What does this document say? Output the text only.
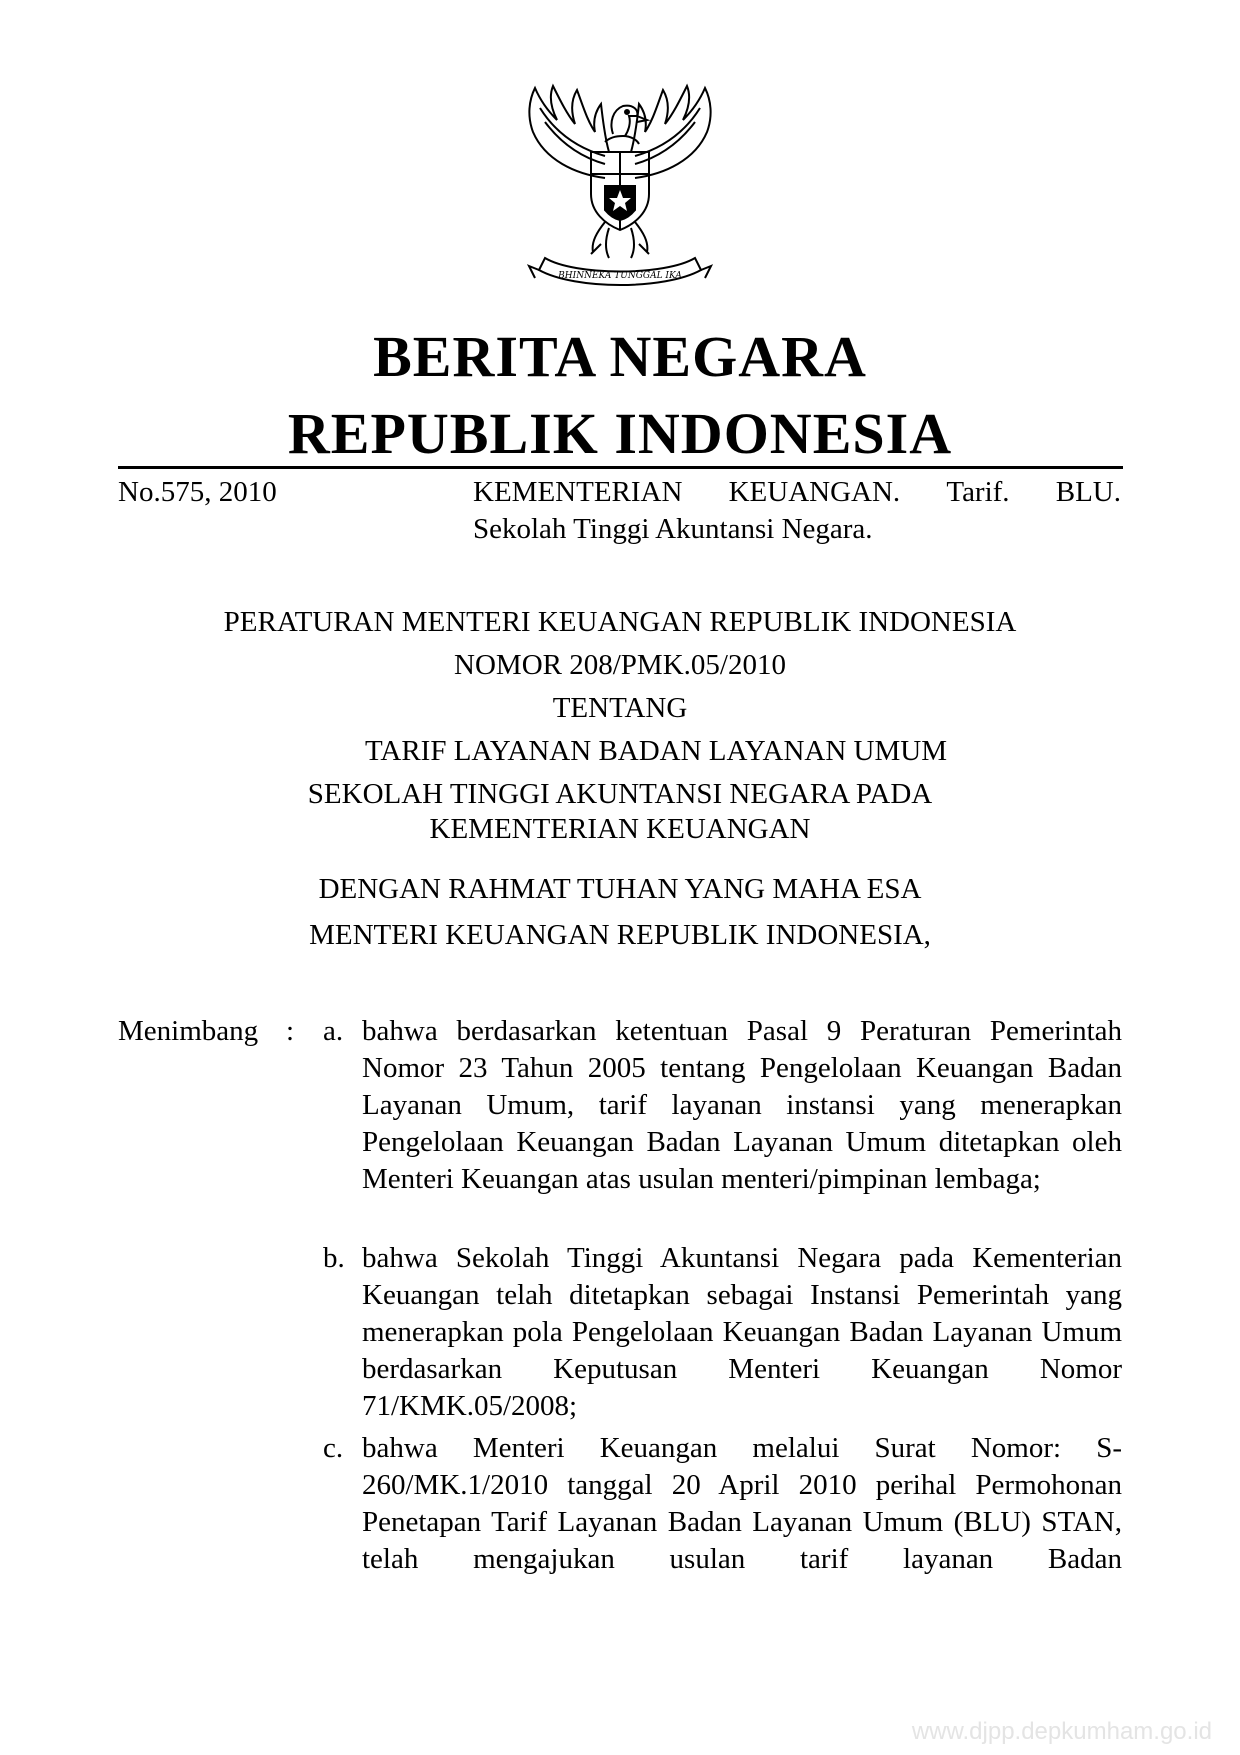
BHINNEKA TUNGGAL IKA
BERITA NEGARA
REPUBLIK INDONESIA
No.575, 2010	KEMENTERIAN KEUANGAN. Tarif. BLU.
Sekolah Tinggi Akuntansi Negara.
PERATURAN MENTERI KEUANGAN REPUBLIK INDONESIA
NOMOR 208/PMK.05/2010
TENTANG
TARIF LAYANAN BADAN LAYANAN UMUM
SEKOLAH TINGGI AKUNTANSI NEGARA PADA
KEMENTERIAN KEUANGAN
DENGAN RAHMAT TUHAN YANG MAHA ESA
MENTERI KEUANGAN REPUBLIK INDONESIA,
Menimbang : a. bahwa berdasarkan ketentuan Pasal 9 Peraturan Pemerintah Nomor 23 Tahun 2005 tentang Pengelolaan Keuangan Badan Layanan Umum, tarif layanan instansi yang menerapkan Pengelolaan Keuangan Badan Layanan Umum ditetapkan oleh Menteri Keuangan atas usulan menteri/pimpinan lembaga;
b. bahwa Sekolah Tinggi Akuntansi Negara pada Kementerian Keuangan telah ditetapkan sebagai Instansi Pemerintah yang menerapkan pola Pengelolaan Keuangan Badan Layanan Umum berdasarkan Keputusan Menteri Keuangan Nomor 71/KMK.05/2008;
c. bahwa Menteri Keuangan melalui Surat Nomor: S-260/MK.1/2010 tanggal 20 April 2010 perihal Permohonan Penetapan Tarif Layanan Badan Layanan Umum (BLU) STAN, telah mengajukan usulan tarif layanan Badan
www.djpp.depkumham.go.id
